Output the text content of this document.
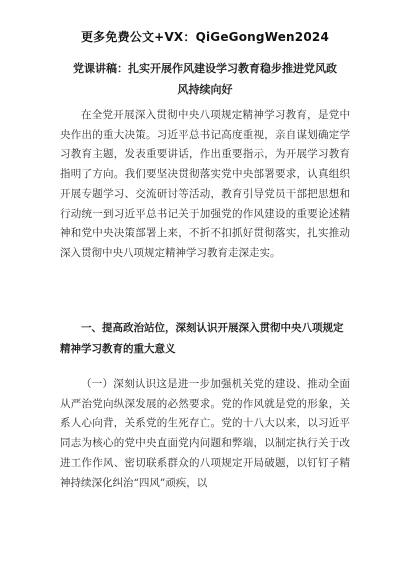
更多免费公文+VX：QiGeGongWen2024
党课讲稿：扎实开展作风建设学习教育稳步推进党风政风持续向好

在全党开展深入贯彻中央八项规定精神学习教育，是党中央作出的重大决策。习近平总书记高度重视，亲自谋划确定学习教育主题，发表重要讲话，作出重要指示，为开展学习教育指明了方向。我们要坚决贯彻落实党中央部署要求，认真组织开展专题学习、交流研讨等活动，教育引导党员干部把思想和行动统一到习近平总书记关于加强党的作风建设的重要论述精神和党中央决策部署上来，不折不扣抓好贯彻落实，扎实推动深入贯彻中央八项规定精神学习教育走深走实。

一、提高政治站位，深刻认识开展深入贯彻中央八项规定精神学习教育的重大意义

（一）深刻认识这是进一步加强机关党的建设、推动全面从严治党向纵深发展的必然要求。党的作风就是党的形象，关系人心向背，关系党的生死存亡。党的十八大以来，以习近平同志为核心的党中央直面党内问题和弊端，以制定执行关于改进工作作风、密切联系群众的八项规定开局破题，以钉钉子精神持续深化纠治“四风”顽疾，以
